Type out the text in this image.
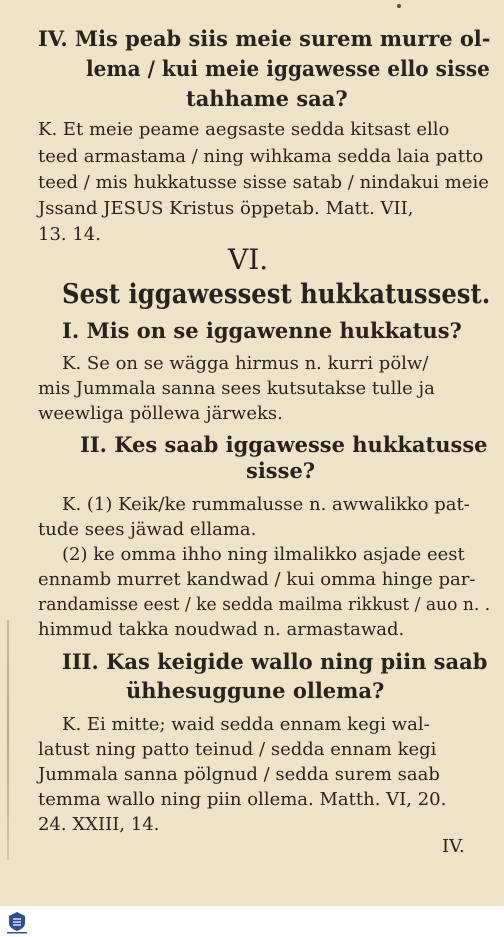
IV. Mis peab siis meie surem murre ol-
lema / kui meie iggawesse ello sisse
tahhame saa?
K. Et meie peame aegsaste sedda kitsast ello
teed armastama / ning wihkama sedda laia patto
teed / mis hukkatusse sisse satab / nindakui meie
Jssand JESUS Kristus öppetab. Matt. VII,
13. 14.
VI.
Sest iggawessest hukkatussest.
I. Mis on se iggawenne hukkatus?
K. Se on se wägga hirmus n. kurri pölw/
mis Jummala sanna sees kutsutakse tulle ja
weewliga pöllewa järweks.
II. Kes saab iggawesse hukkatusse
sisse?
K. (1) Keik/ke rummalusse n. awwalikko pat-
tude sees jäwad ellama.
(2) ke omma ihho ning ilmalikko asjade eest
ennamb murret kandwad / kui omma hinge par-
randamisse eest / ke sedda mailma rikkust / auo n. .
himmud takka noudwad n. armastawad.
III. Kas keigide wallo ning piin saab
ühhesuggune ollema?
K. Ei mitte; waid sedda ennam kegi wal-
latust ning patto teinud / sedda ennam kegi
Jummala sanna pölgnud / sedda surem saab
temma wallo ning piin ollema. Matth. VI, 20.
24. XXIII, 14.
IV.
